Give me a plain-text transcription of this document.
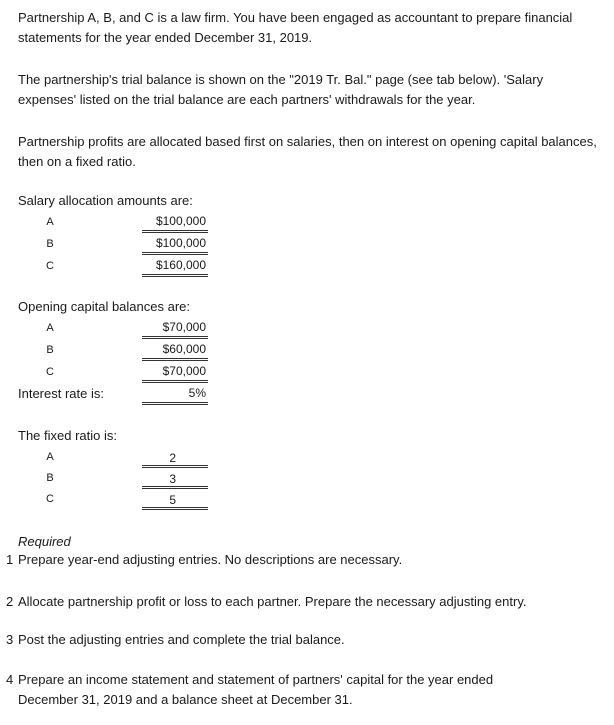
Partnership A, B, and C is a law firm. You have been engaged as accountant to prepare financial statements for the year ended December 31, 2019.

The partnership's trial balance is shown on the "2019 Tr. Bal." page (see tab below). 'Salary expenses' listed on the trial balance are each partners' withdrawals for the year.

Partnership profits are allocated based first on salaries, then on interest on opening capital balances, then on a fixed ratio.

Salary allocation amounts are:
A	$100,000
B	$100,000
C	$160,000
Opening capital balances are:
A	$70,000
B	$60,000
C	$70,000
Interest rate is:	5%
The fixed ratio is:
A	2
B	3
C	5
Required
1 Prepare year-end adjusting entries. No descriptions are necessary.
2 Allocate partnership profit or loss to each partner. Prepare the necessary adjusting entry.
3 Post the adjusting entries and complete the trial balance.
4 Prepare an income statement and statement of partners' capital for the year ended
December 31, 2019 and a balance sheet at December 31.
